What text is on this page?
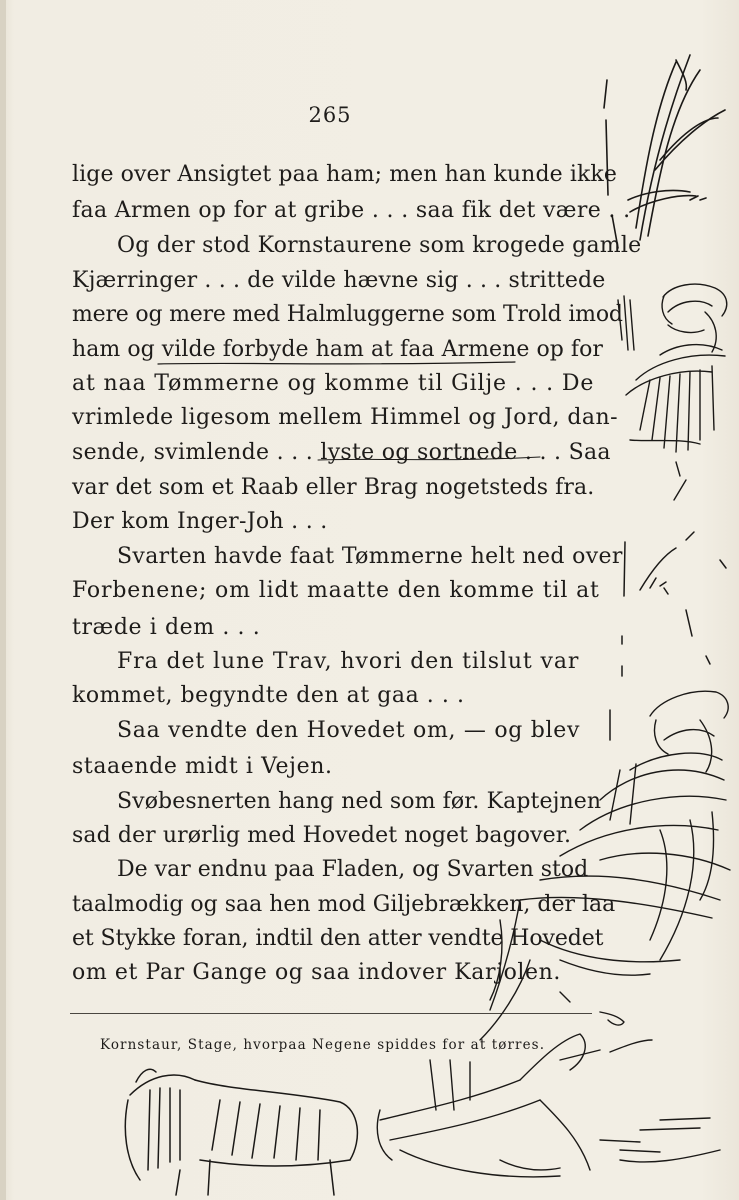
265
lige over Ansigtet paa ham; men han kunde ikke
faa Armen op for at gribe . . . saa fik det være . .
Og der stod Kornstaurene som krogede gamle
Kjærringer . . . de vilde hævne sig . . . strittede
mere og mere med Halmluggerne som Trold imod
ham og vilde forbyde ham at faa Armene op for
at naa Tømmerne og komme til Gilje . . . De
vrimlede ligesom mellem Himmel og Jord, dan-
sende, svimlende . . . lyste og sortnede . . . Saa
var det som et Raab eller Brag nogetsteds fra.
Der kom Inger-Joh . . .
Svarten havde faat Tømmerne helt ned over
Forbenene; om lidt maatte den komme til at
træde i dem . . .
Fra det lune Trav, hvori den tilslut var
kommet, begyndte den at gaa . . .
Saa vendte den Hovedet om, — og blev
staaende midt i Vejen.
Svøbesnerten hang ned som før. Kaptejnen
sad der urørlig med Hovedet noget bagover.
De var endnu paa Fladen, og Svarten stod
taalmodig og saa hen mod Giljebrækken, der laa
et Stykke foran, indtil den atter vendte Hovedet
om et Par Gange og saa indover Karjolen.
Kornstaur, Stage, hvorpaa Negene spiddes for at tørres.
